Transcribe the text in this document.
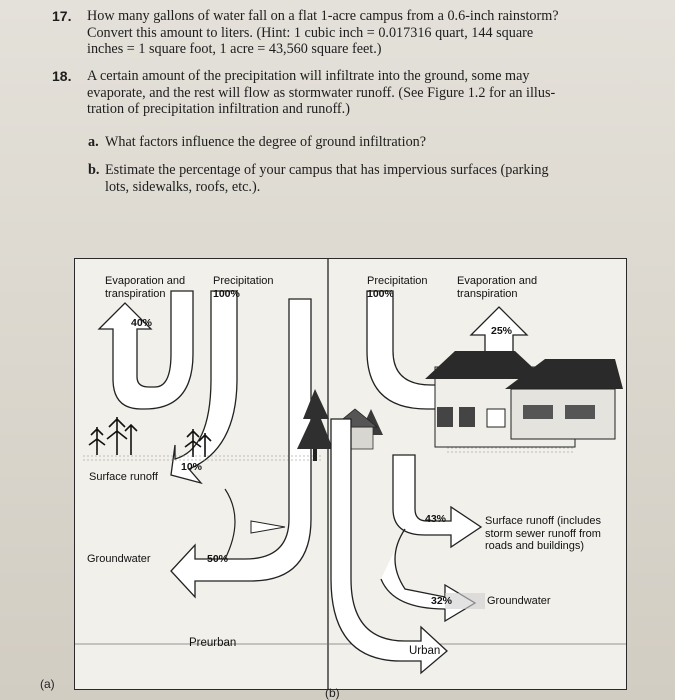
17. How many gallons of water fall on a flat 1-acre campus from a 0.6-inch rainstorm?
Convert this amount to liters. (Hint: 1 cubic inch = 0.017316 quart, 144 square
inches = 1 square foot, 1 acre = 43,560 square feet.)
18. A certain amount of the precipitation will infiltrate into the ground, some may
evaporate, and the rest will flow as stormwater runoff. (See Figure 1.2 for an illus-
tration of precipitation infiltration and runoff.)
a. What factors influence the degree of ground infiltration?
b. Estimate the percentage of your campus that has impervious surfaces (parking
lots, sidewalks, roofs, etc.).
Evaporation and
transpiration
Precipitation
100%
40%
10%
Surface runoff
Groundwater	50%
Preurban
Precipitation
100%
Evaporation and
transpiration
25%
43%	Surface runoff (includes
storm sewer runoff from
roads and buildings)
32%	Groundwater
Urban
(a)
(b)
